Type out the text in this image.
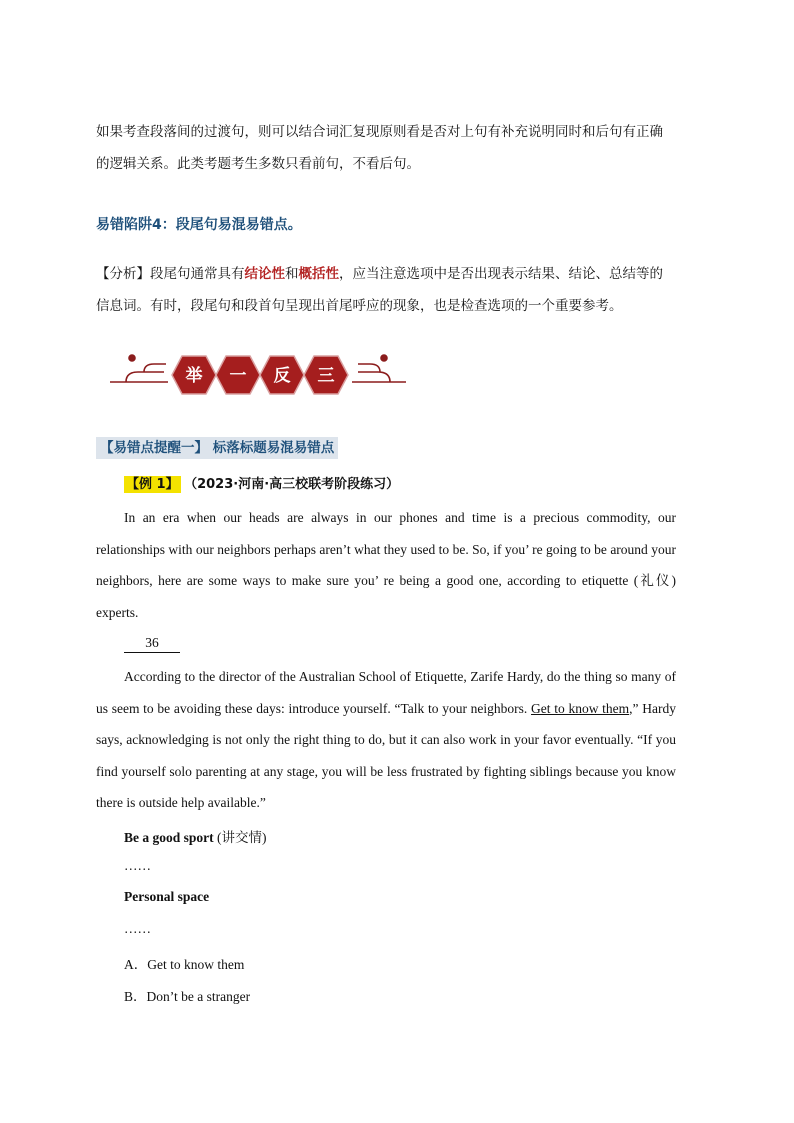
如果考查段落间的过渡句，则可以结合词汇复现原则看是否对上句有补充说明同时和后句有正确的逻辑关系。此类考题考生多数只看前句，不看后句。
易错陷阱4：段尾句易混易错点。
【分析】段尾句通常具有结论性和概括性，应当注意选项中是否出现表示结果、结论、总结等的信息词。有时，段尾句和段首句呈现出首尾呼应的现象，也是检查选项的一个重要参考。
举 一 反 三
【易错点提醒一】 标落标题易混易错点
【例 1】 （2023·河南·高三校联考阶段练习）
In an era when our heads are always in our phones and time is a precious commodity, our relationships with our neighbors perhaps aren’t what they used to be. So, if you’ re going to be around your neighbors, here are some ways to make sure you’ re being a good one, according to etiquette (礼仪) experts.
36
According to the director of the Australian School of Etiquette, Zarife Hardy, do the thing so many of us seem to be avoiding these days: introduce yourself. “Talk to your neighbors. Get to know them,” Hardy says, acknowledging is not only the right thing to do, but it can also work in your favor eventually. “If you find yourself solo parenting at any stage, you will be less frustrated by fighting siblings because you know there is outside help available.”
Be a good sport (讲交情)
……
Personal space
……
A．Get to know them
B．Don’t be a stranger
